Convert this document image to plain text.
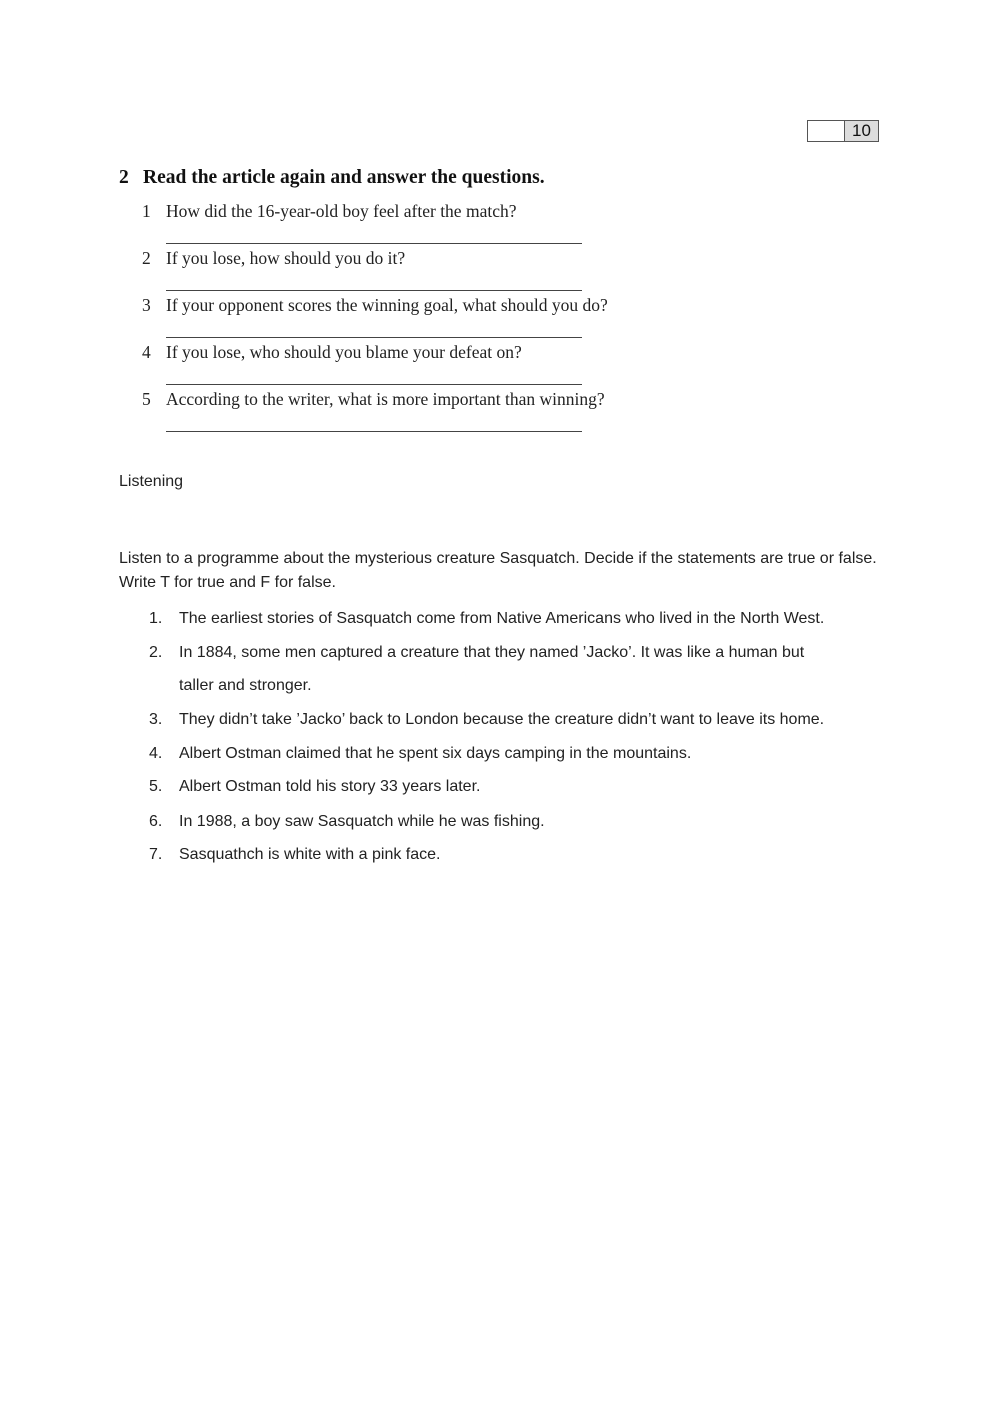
10
2 Read the article again and answer the questions.
1 How did the 16-year-old boy feel after the match?
2 If you lose, how should you do it?
3 If your opponent scores the winning goal, what should you do?
4 If you lose, who should you blame your defeat on?
5 According to the writer, what is more important than winning?
Listening
Listen to a programme about the mysterious creature Sasquatch. Decide if the statements are true or false. Write T for true and F for false.
1. The earliest stories of Sasquatch come from Native Americans who lived in the North West.
2. In 1884, some men captured a creature that they named ’Jacko’. It was like a human but
taller and stronger.
3. They didn’t take ’Jacko’ back to London because the creature didn’t want to leave its home.
4. Albert Ostman claimed that he spent six days camping in the mountains.
5. Albert Ostman told his story 33 years later.
6. In 1988, a boy saw Sasquatch while he was fishing.
7. Sasquathch is white with a pink face.
